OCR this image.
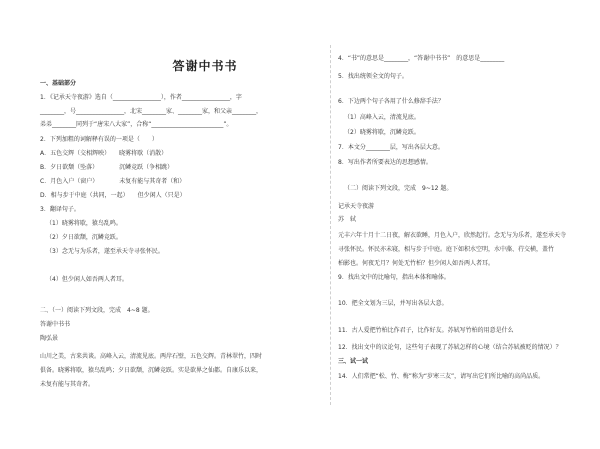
答谢中书书
一、基础部分
1．《记承天寺夜游》选自（________________），作者________________，字
________，号________________，北宋________家、________家，和父亲________，
弟弟________同列于“唐宋八大家”，合称“________________________”。
2．下列加粗的词解释有误的一项是（　　）
A．五色交辉（交相辉映）　　晓雾将歇（消散）
B．夕日欲颓（坠落）　　　　沉鳞竞跃（争相跳）
C．月色入户（窗户）　　　　未复有能与其奇者（和）
D．相与步于中庭（共同，一起）　　但少闲人（只是）
3．翻译句子。
（1）晓雾将歇，猿鸟乱鸣。
（2）夕日欲颓，沉鳞竞跃。
（3）念无与为乐者，遂至承天寺寻张怀民。
（4）但少闲人如吾两人者耳。
二、（一）阅读下列文段，完成　4~8 题。
答谢中书书
陶弘景
山川之美，古来共谈。高峰入云，清流见底。两岸石壁，五色交辉。青林翠竹，四时
俱备。晓雾将歇，猿鸟乱鸣；夕日欲颓，沉鳞竞跃。实是欲界之仙都。自康乐以来，
未复有能与其奇者。
4．“书”的意思是________，“答谢中书书”　的意思是________
5．找出统领全文的句子。
6．下边两个句子各用了什么修辞手法？
（1）高峰入云，清流见底。
（2）晓雾将歇，沉鳞竞跃。
7．本文分________层，写出各层大意。
8．写出作者所要表达的思想感情。
（二）阅读下列文段，完成　9~12 题。
记承天寺夜游
苏　轼
元丰六年十月十二日夜，解衣欲睡，月色入户，欣然起行。念无与为乐者，遂至承天寺
寻张怀民。怀民亦未寝，相与步于中庭。庭下如积水空明，水中藻、荇交横，盖竹
柏影也。何夜无月？何处无竹柏？但少闲人如吾两人者耳。
9．找出文中的比喻句，指出本体和喻体。
10．把全文划为三层，并写出各层大意。
11．古人爱把竹柏比作君子，比作好友。苏轼写竹柏的用意是什么
12．找出文中的议论句，这些句子表现了苏轼怎样的心境（结合苏轼被贬的情况）？
三、试一试
14．人们常把“松、竹、梅”称为“岁寒三友”，请写出它们所比喻的高尚品质。
